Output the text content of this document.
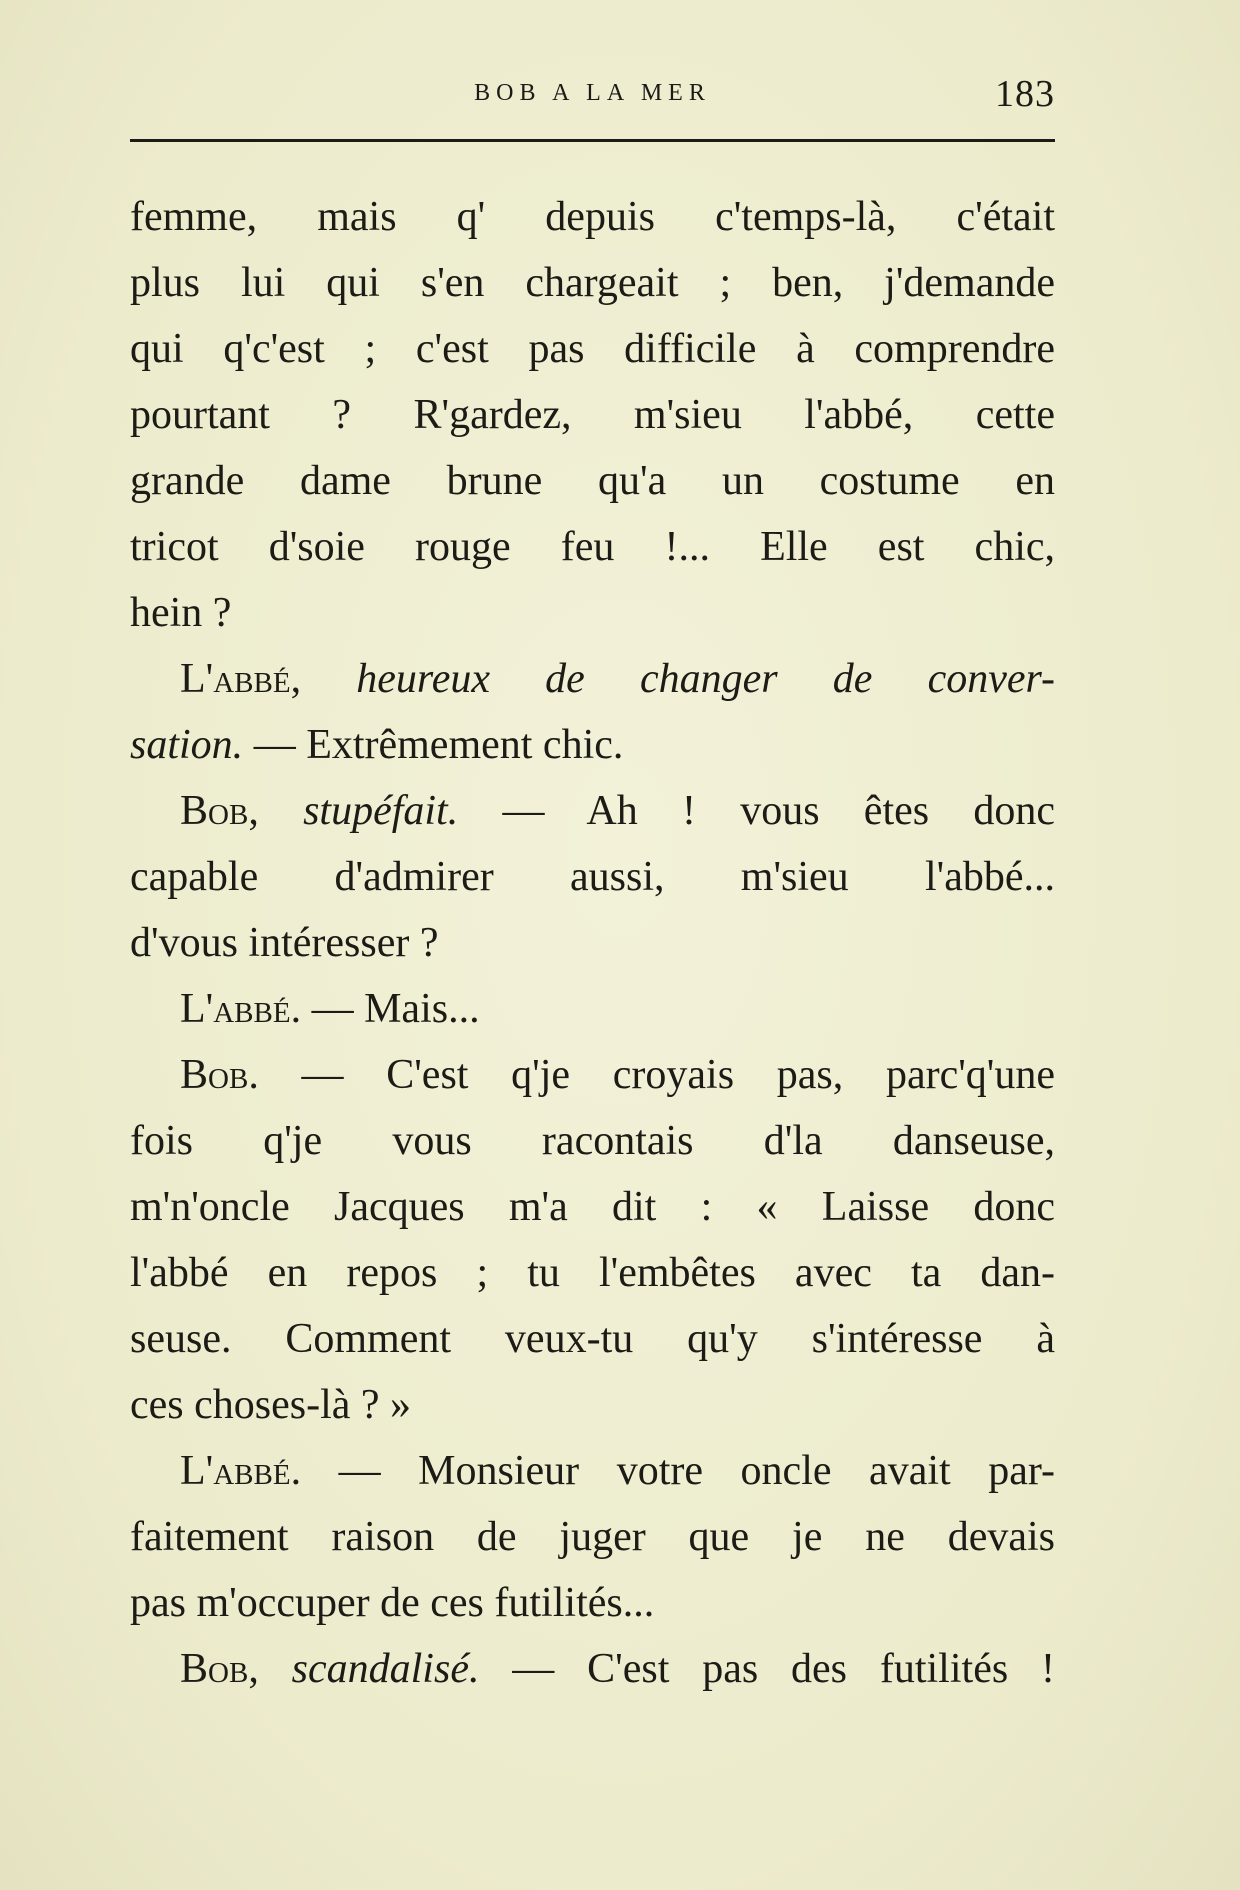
BOB A LA MER	183
femme, mais q' depuis c'temps-là, c'était
plus lui qui s'en chargeait ; ben, j'demande
qui q'c'est ; c'est pas difficile à comprendre
pourtant ? R'gardez, m'sieu l'abbé, cette
grande dame brune qu'a un costume en
tricot d'soie rouge feu !... Elle est chic,
hein ?
L'abbé, heureux de changer de conver-
sation. — Extrêmement chic.
Bob, stupéfait. — Ah ! vous êtes donc
capable d'admirer aussi, m'sieu l'abbé...
d'vous intéresser ?
L'abbé. — Mais...
Bob. — C'est q'je croyais pas, parc'q'une
fois q'je vous racontais d'la danseuse,
m'n'oncle Jacques m'a dit : « Laisse donc
l'abbé en repos ; tu l'embêtes avec ta dan-
seuse. Comment veux-tu qu'y s'intéresse à
ces choses-là ? »
L'abbé. — Monsieur votre oncle avait par-
faitement raison de juger que je ne devais
pas m'occuper de ces futilités...
Bob, scandalisé. — C'est pas des futilités !
